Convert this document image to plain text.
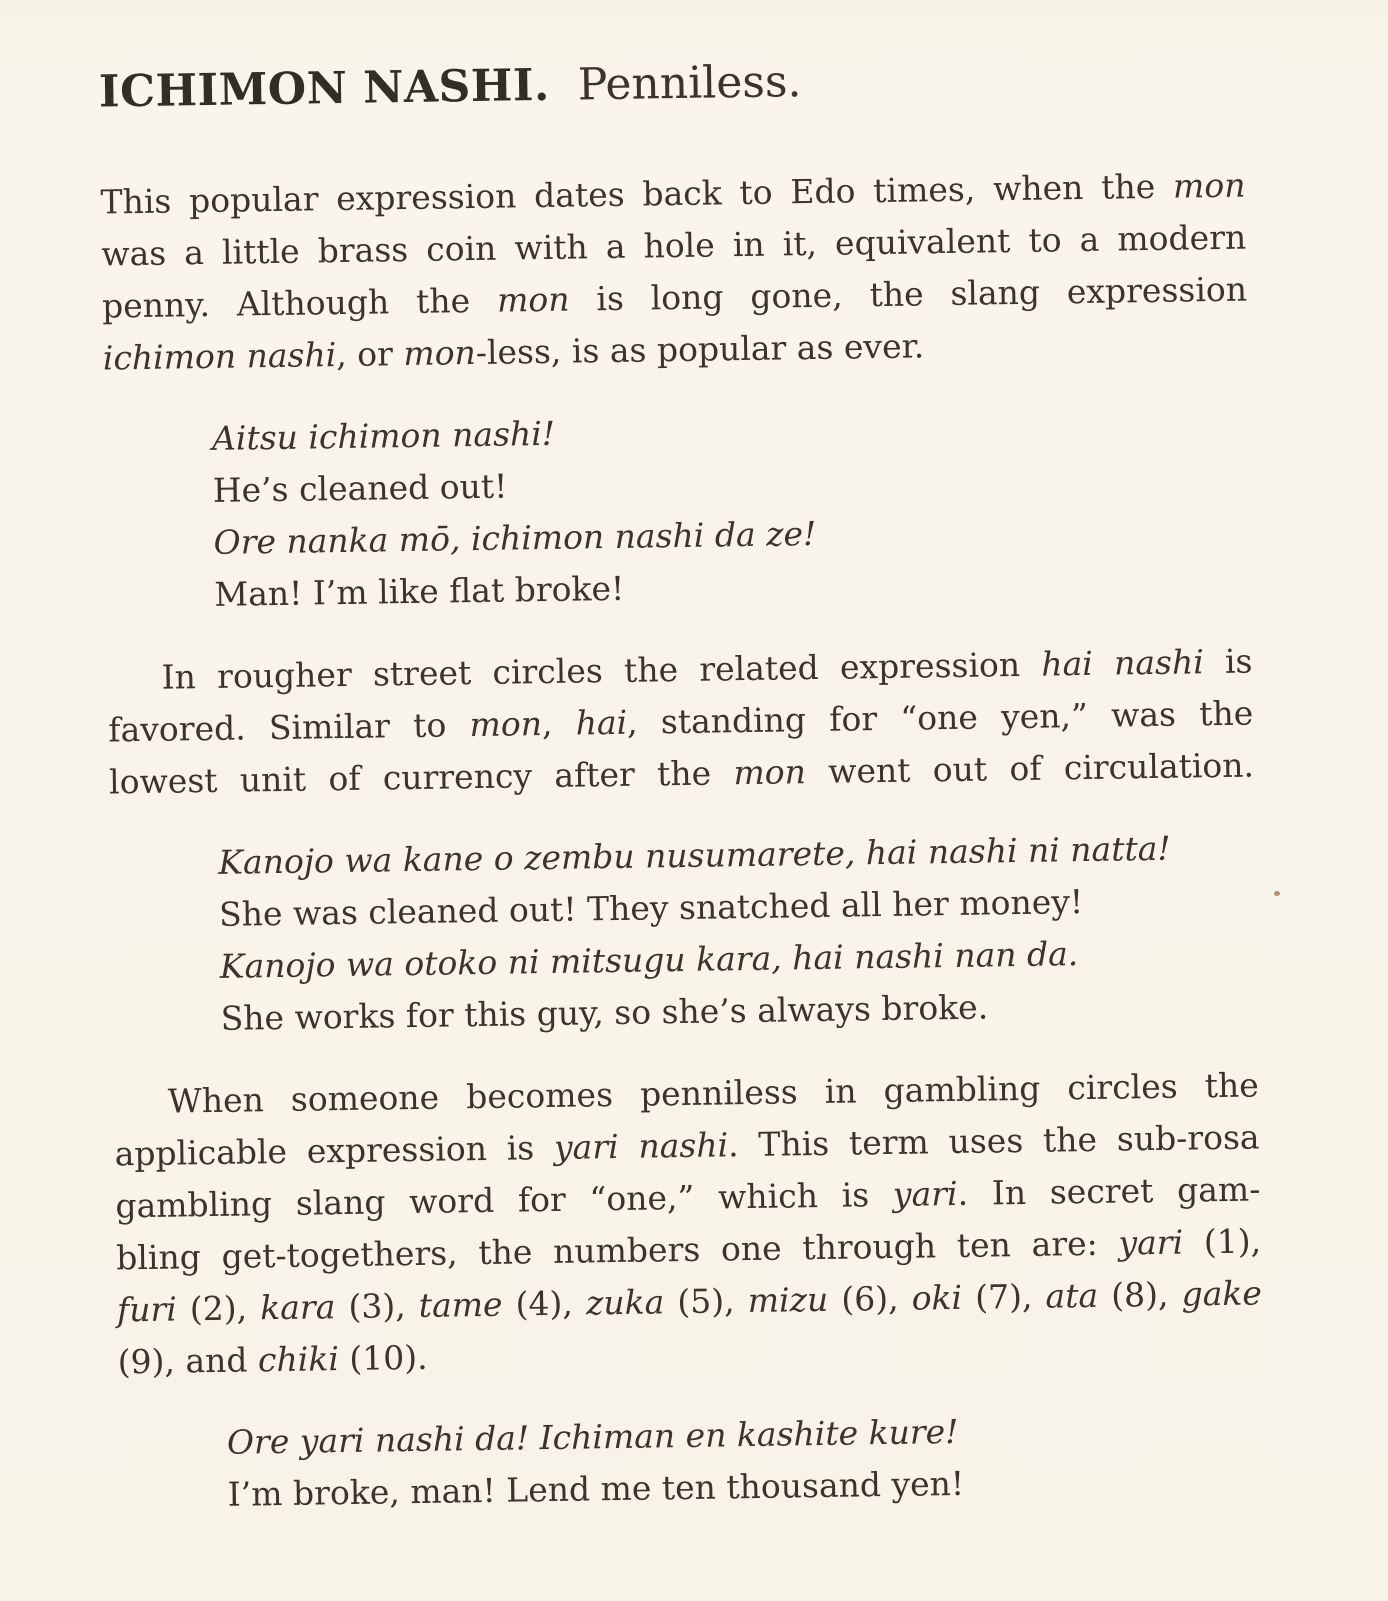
ICHIMON NASHI. Penniless.
This popular expression dates back to Edo times, when the mon
was a little brass coin with a hole in it, equivalent to a modern
penny. Although the mon is long gone, the slang expression
ichimon nashi, or mon-less, is as popular as ever.
Aitsu ichimon nashi!
He’s cleaned out!
Ore nanka mō, ichimon nashi da ze!
Man! I’m like flat broke!
In rougher street circles the related expression hai nashi is
favored. Similar to mon, hai, standing for “one yen,” was the
lowest unit of currency after the mon went out of circulation.
Kanojo wa kane o zembu nusumarete, hai nashi ni natta!
She was cleaned out! They snatched all her money!
Kanojo wa otoko ni mitsugu kara, hai nashi nan da.
She works for this guy, so she’s always broke.
When someone becomes penniless in gambling circles the
applicable expression is yari nashi. This term uses the sub-rosa
gambling slang word for “one,” which is yari. In secret gam-
bling get-togethers, the numbers one through ten are: yari (1),
furi (2), kara (3), tame (4), zuka (5), mizu (6), oki (7), ata (8), gake
(9), and chiki (10).
Ore yari nashi da! Ichiman en kashite kure!
I’m broke, man! Lend me ten thousand yen!
